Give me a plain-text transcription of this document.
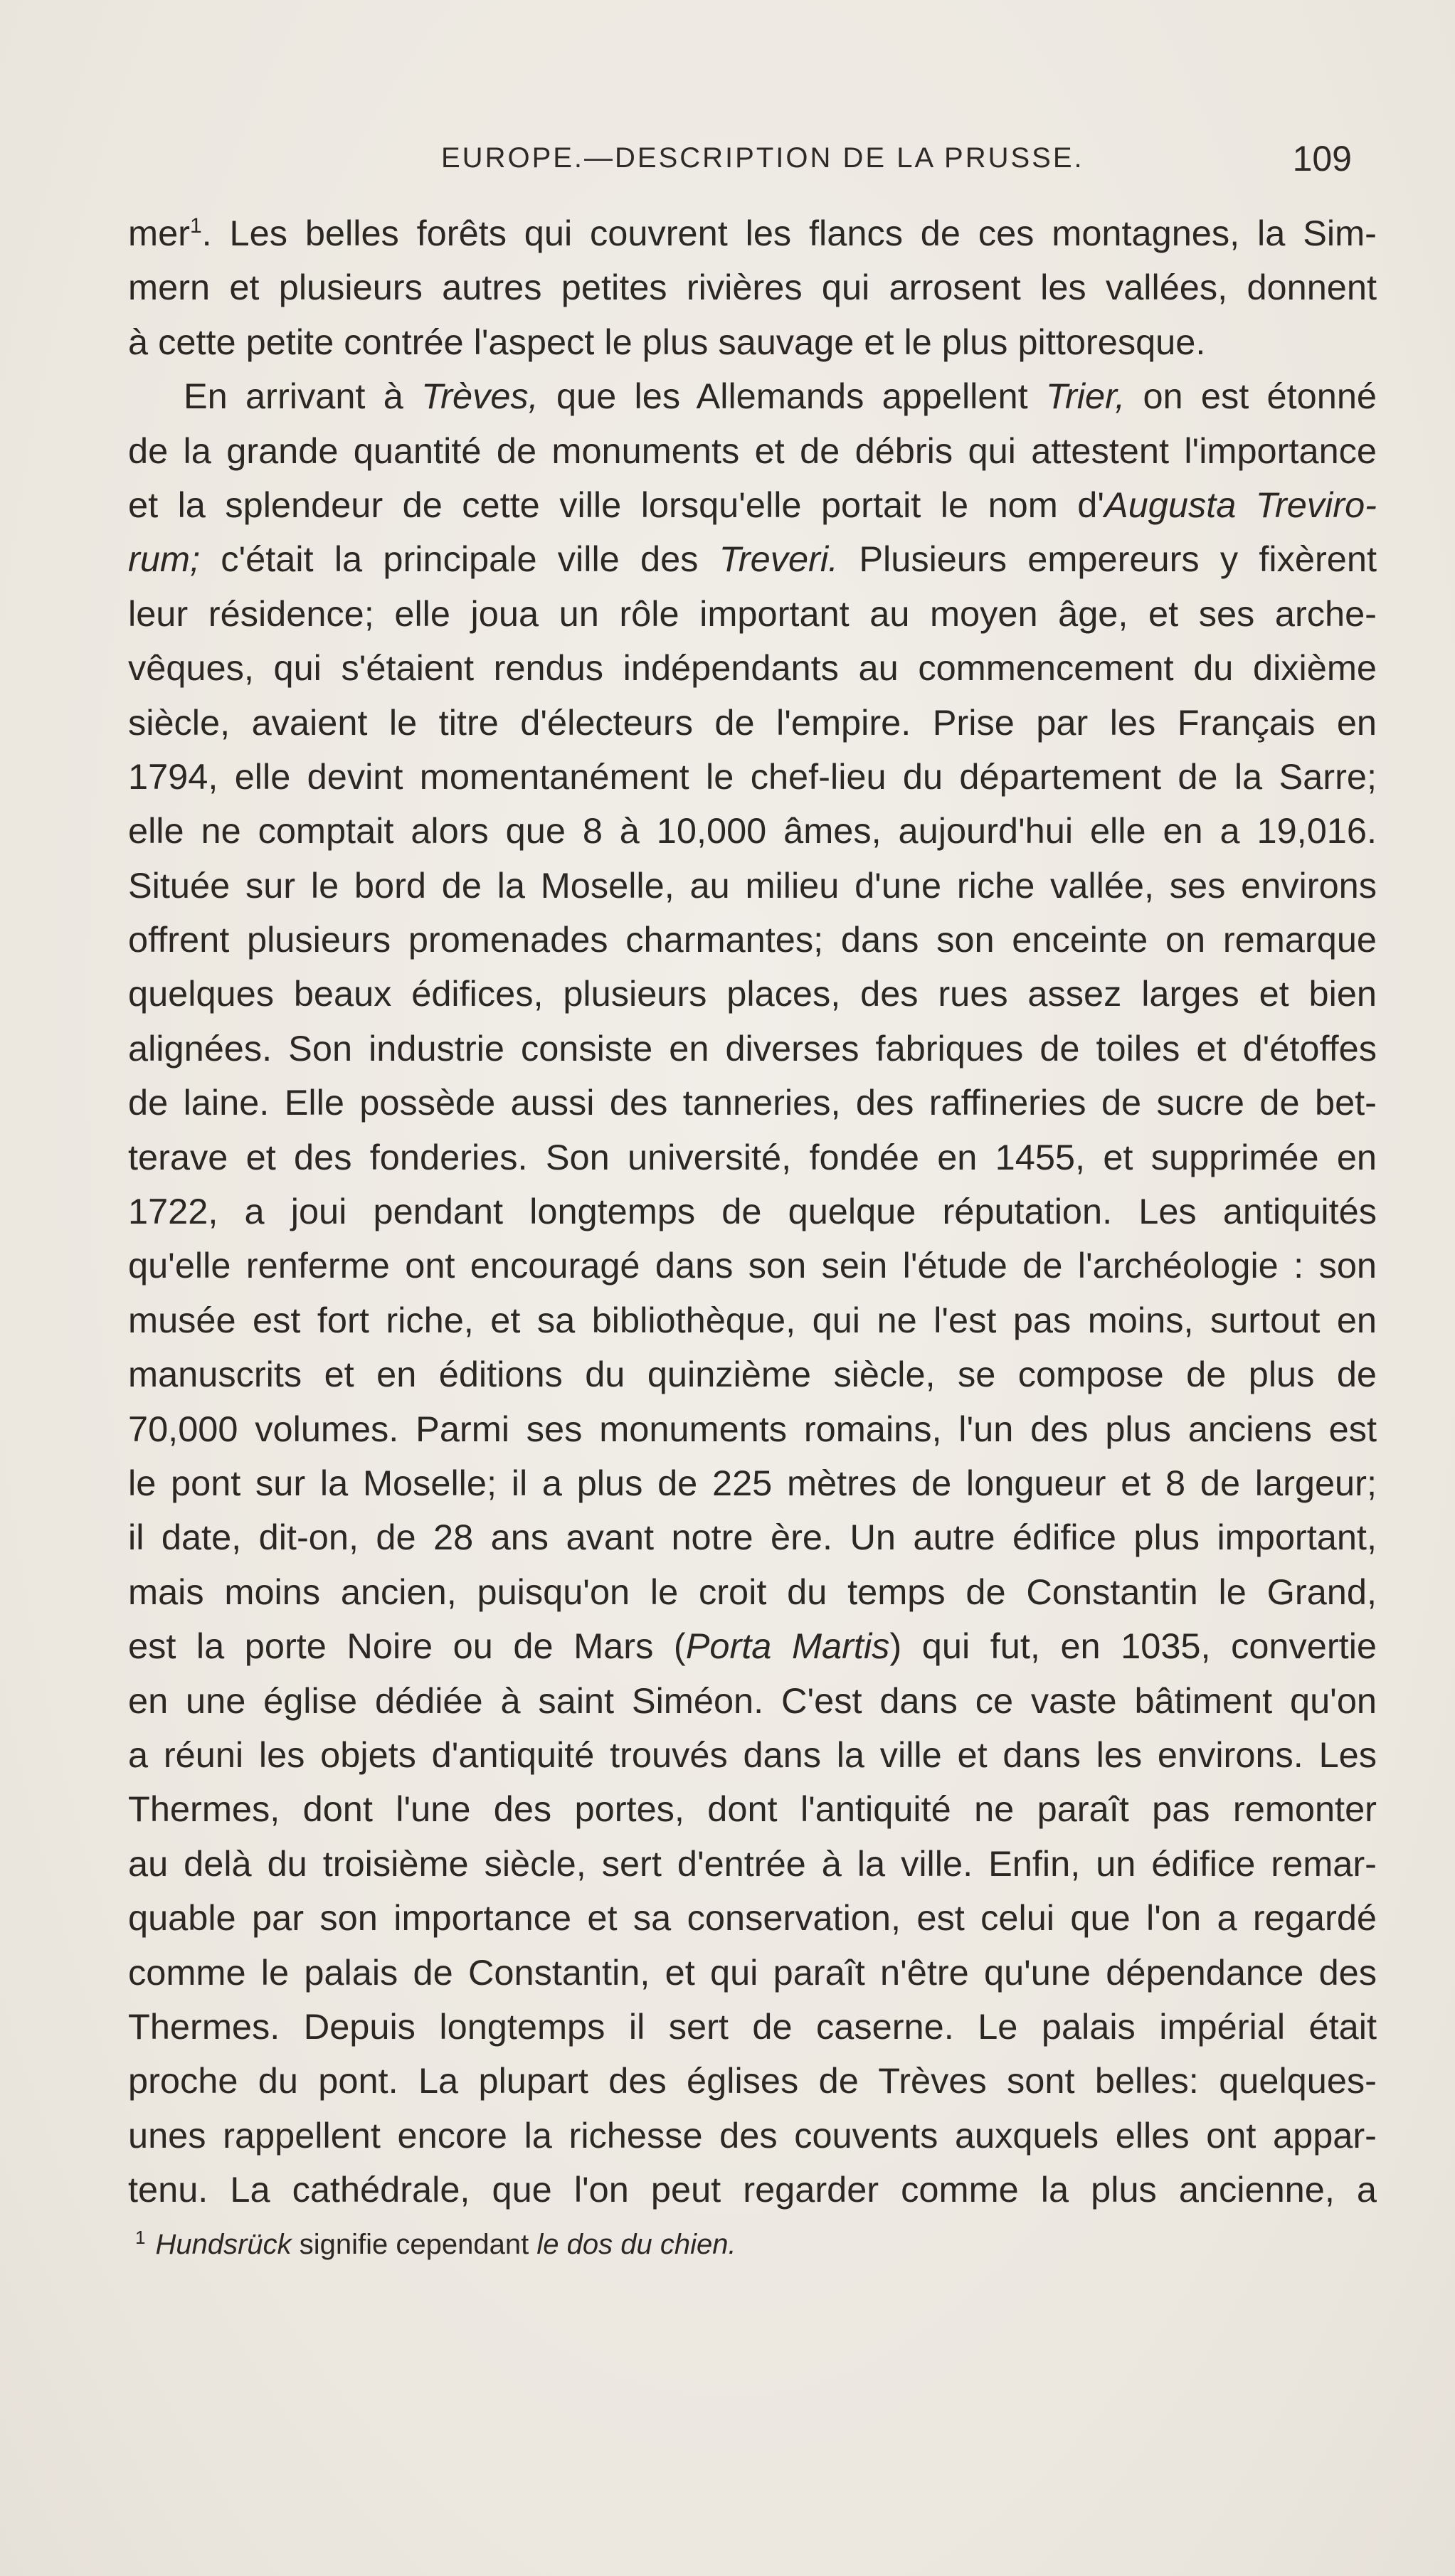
EUROPE.—DESCRIPTION DE LA PRUSSE.	109
mer$^1$. Les belles forêts qui couvrent les flancs de ces montagnes, la Sim-
mern et plusieurs autres petites rivières qui arrosent les vallées, donnent
à cette petite contrée l'aspect le plus sauvage et le plus pittoresque.
En arrivant à Trèves, que les Allemands appellent Trier, on est étonné
de la grande quantité de monuments et de débris qui attestent l'importance
et la splendeur de cette ville lorsqu'elle portait le nom d'Augusta Treviro-
rum; c'était la principale ville des Treveri. Plusieurs empereurs y fixèrent
leur résidence; elle joua un rôle important au moyen âge, et ses arche-
vêques, qui s'étaient rendus indépendants au commencement du dixième
siècle, avaient le titre d'électeurs de l'empire. Prise par les Français en
1794, elle devint momentanément le chef-lieu du département de la Sarre;
elle ne comptait alors que 8 à 10,000 âmes, aujourd'hui elle en a 19,016.
Située sur le bord de la Moselle, au milieu d'une riche vallée, ses environs
offrent plusieurs promenades charmantes; dans son enceinte on remarque
quelques beaux édifices, plusieurs places, des rues assez larges et bien
alignées. Son industrie consiste en diverses fabriques de toiles et d'étoffes
de laine. Elle possède aussi des tanneries, des raffineries de sucre de bet-
terave et des fonderies. Son université, fondée en 1455, et supprimée en
1722, a joui pendant longtemps de quelque réputation. Les antiquités
qu'elle renferme ont encouragé dans son sein l'étude de l'archéologie : son
musée est fort riche, et sa bibliothèque, qui ne l'est pas moins, surtout en
manuscrits et en éditions du quinzième siècle, se compose de plus de
70,000 volumes. Parmi ses monuments romains, l'un des plus anciens est
le pont sur la Moselle; il a plus de 225 mètres de longueur et 8 de largeur;
il date, dit-on, de 28 ans avant notre ère. Un autre édifice plus important,
mais moins ancien, puisqu'on le croit du temps de Constantin le Grand,
est la porte Noire ou de Mars (Porta Martis) qui fut, en 1035, convertie
en une église dédiée à saint Siméon. C'est dans ce vaste bâtiment qu'on
a réuni les objets d'antiquité trouvés dans la ville et dans les environs. Les
Thermes, dont l'une des portes, dont l'antiquité ne paraît pas remonter
au delà du troisième siècle, sert d'entrée à la ville. Enfin, un édifice remar-
quable par son importance et sa conservation, est celui que l'on a regardé
comme le palais de Constantin, et qui paraît n'être qu'une dépendance des
Thermes. Depuis longtemps il sert de caserne. Le palais impérial était
proche du pont. La plupart des églises de Trèves sont belles: quelques-
unes rappellent encore la richesse des couvents auxquels elles ont appar-
tenu. La cathédrale, que l'on peut regarder comme la plus ancienne, a
$^1$ Hundsrück signifie cependant le dos du chien.
